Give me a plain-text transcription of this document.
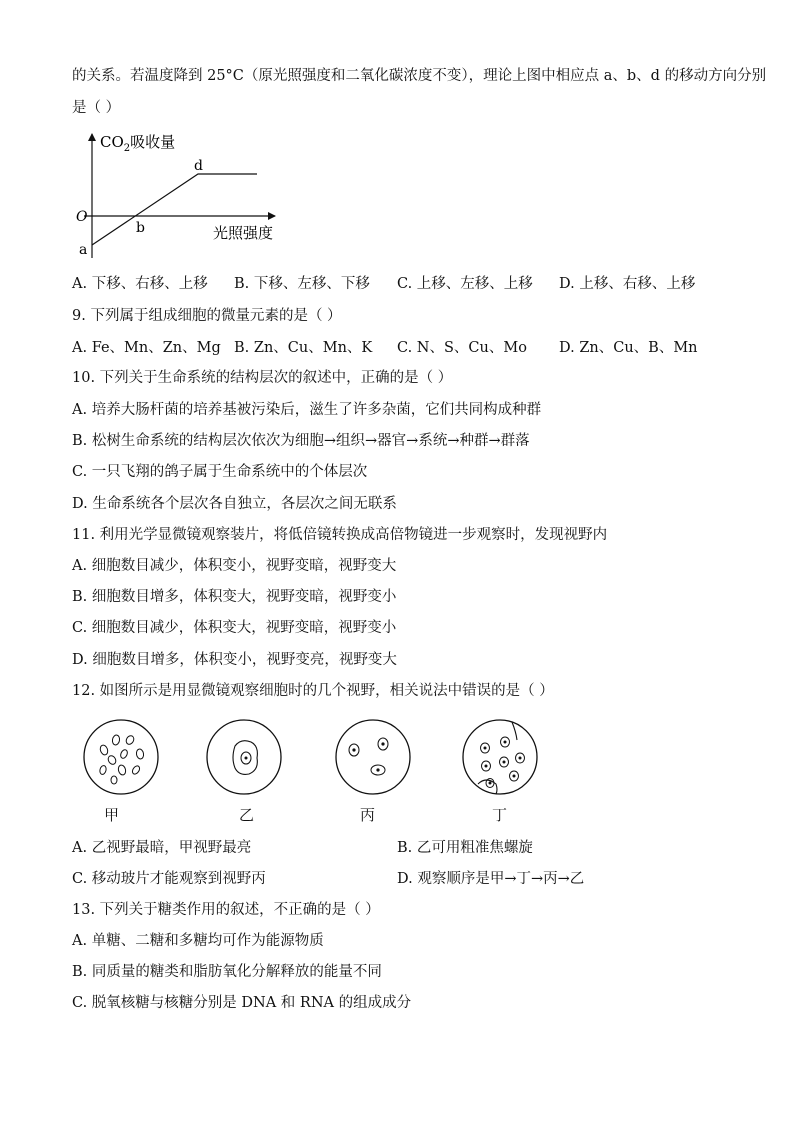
的关系。若温度降到 25°C（原光照强度和二氧化碳浓度不变），理论上图中相应点 a、b、d 的移动方向分别
是（ ）
$CO_2$吸收量
O
a
b
d
光照强度
A. 下移、右移、上移 B. 下移、左移、下移 C. 上移、左移、上移 D. 上移、右移、上移
9. 下列属于组成细胞的微量元素的是（ ）
A. Fe、Mn、Zn、Mg B. Zn、Cu、Mn、K C. N、S、Cu、Mo D. Zn、Cu、B、Mn
10. 下列关于生命系统的结构层次的叙述中，正确的是（ ）
A. 培养大肠杆菌的培养基被污染后，滋生了许多杂菌，它们共同构成种群
B. 松树生命系统的结构层次依次为细胞→组织→器官→系统→种群→群落
C. 一只飞翔的鸽子属于生命系统中的个体层次
D. 生命系统各个层次各自独立，各层次之间无联系
11. 利用光学显微镜观察装片，将低倍镜转换成高倍物镜进一步观察时，发现视野内
A. 细胞数目减少，体积变小，视野变暗，视野变大
B. 细胞数目增多，体积变大，视野变暗，视野变小
C. 细胞数目减少，体积变大，视野变暗，视野变小
D. 细胞数目增多，体积变小，视野变亮，视野变大
12. 如图所示是用显微镜观察细胞时的几个视野，相关说法中错误的是（ ）
甲	乙	丙	丁
A. 乙视野最暗，甲视野最亮	B. 乙可用粗准焦螺旋
C. 移动玻片才能观察到视野丙	D. 观察顺序是甲→丁→丙→乙
13. 下列关于糖类作用的叙述，不正确的是（ ）
A. 单糖、二糖和多糖均可作为能源物质
B. 同质量的糖类和脂肪氧化分解释放的能量不同
C. 脱氧核糖与核糖分别是 DNA 和 RNA 的组成成分
